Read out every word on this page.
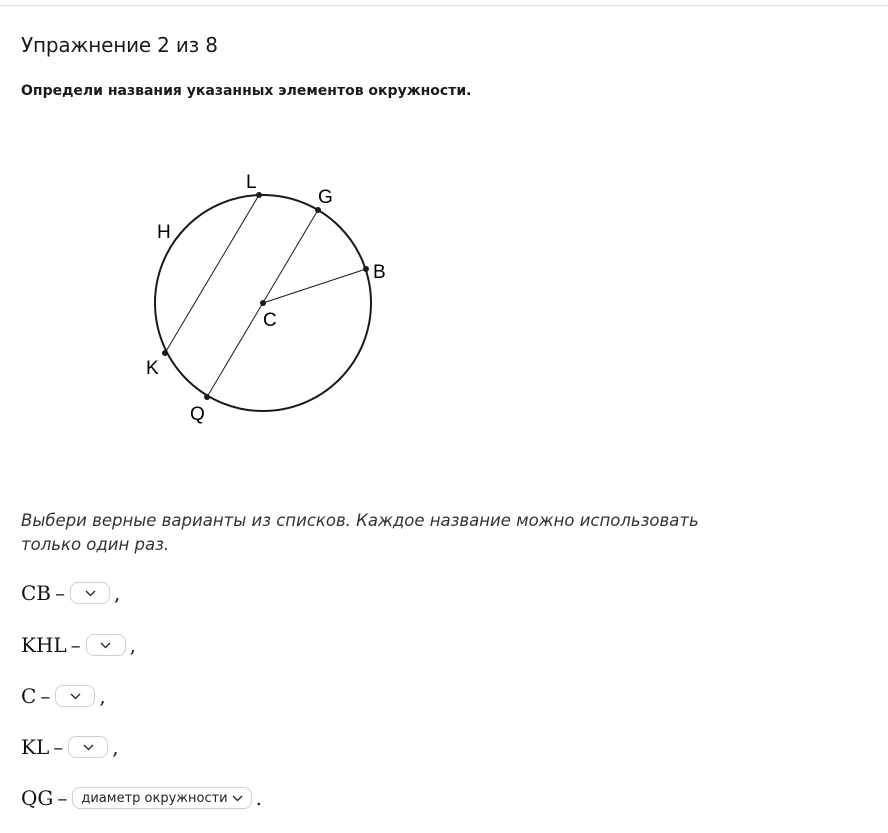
Упражнение 2 из 8

Определи названия указанных элементов окружности.

L
G
H
B
C
K
Q

Выбери верные варианты из списков. Каждое название можно использовать только один раз.

CB – ,
KHL – ,
C – ,
KL – ,
QG – диаметр окружности .
